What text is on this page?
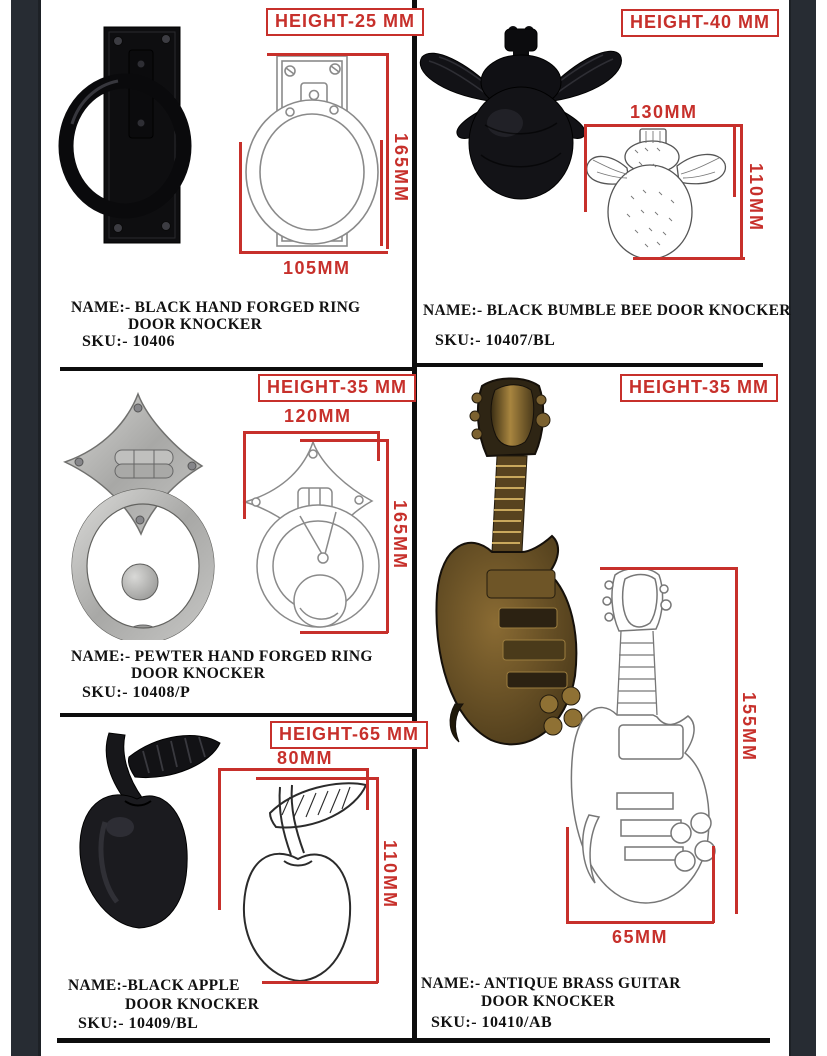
HEIGHT-25 MM
165MM
105MM
NAME:- BLACK HAND FORGED RING
DOOR KNOCKER
SKU:- 10406
HEIGHT-40 MM
130MM
110MM
NAME:- BLACK BUMBLE BEE DOOR KNOCKER
SKU:- 10407/BL
HEIGHT-35 MM
120MM
165MM
NAME:- PEWTER HAND FORGED RING
DOOR KNOCKER
SKU:- 10408/P
HEIGHT-65 MM
80MM
110MM
NAME:-BLACK APPLE
DOOR KNOCKER
SKU:- 10409/BL
HEIGHT-35 MM
155MM
65MM
NAME:- ANTIQUE BRASS GUITAR
DOOR KNOCKER
SKU:- 10410/AB
